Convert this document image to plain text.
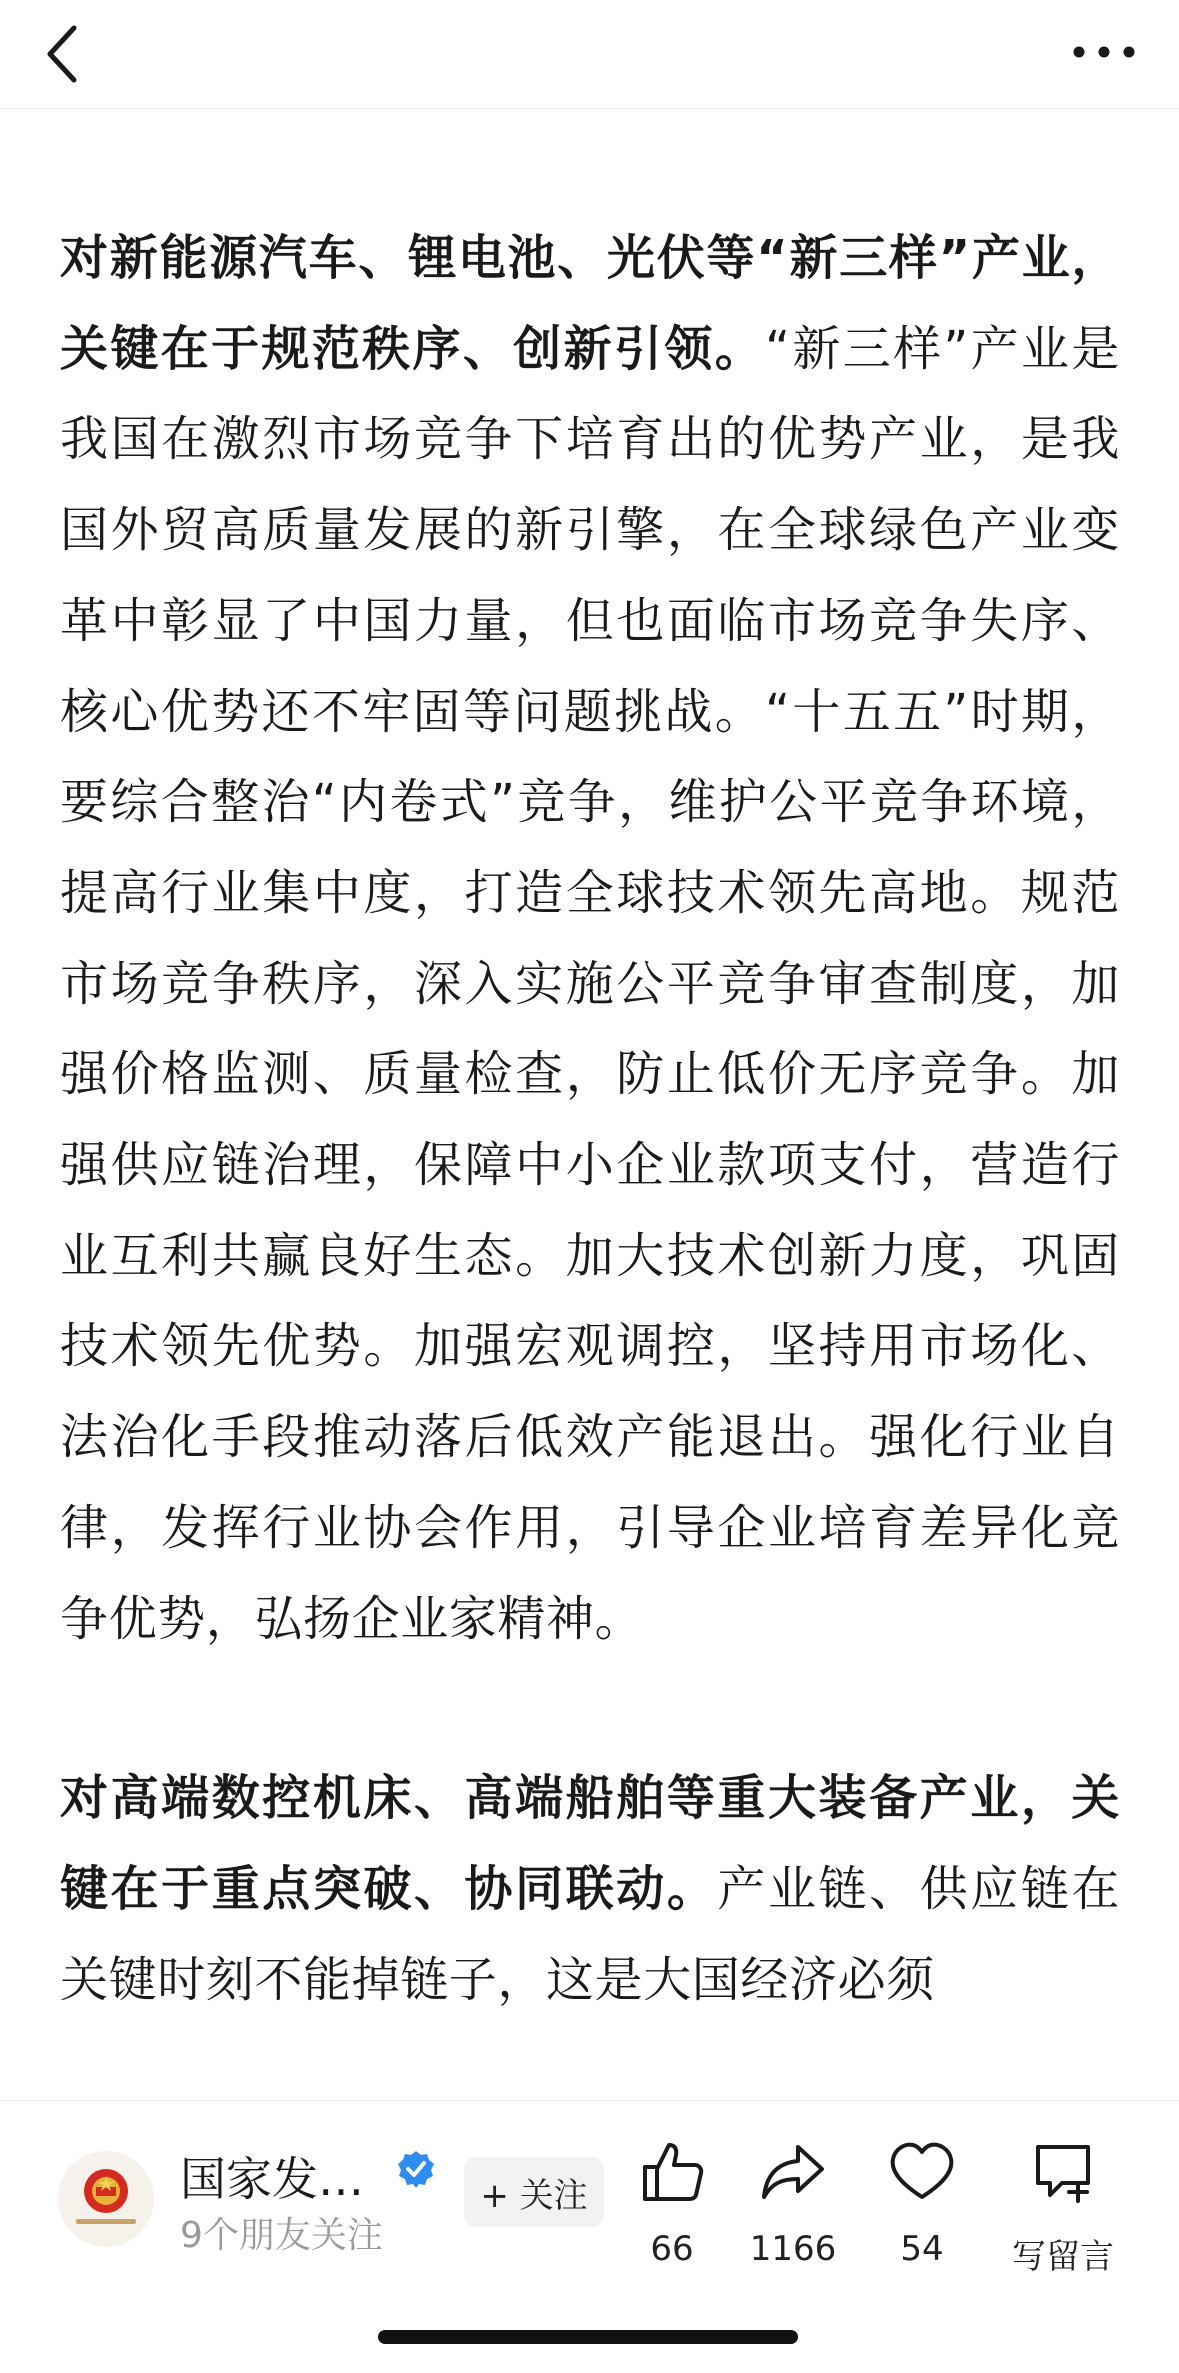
对新能源汽车、锂电池、光伏等“新三样”产业，关键在于规范秩序、创新引领。“新三样”产业是我国在激烈市场竞争下培育出的优势产业，是我国外贸高质量发展的新引擎，在全球绿色产业变革中彰显了中国力量，但也面临市场竞争失序、核心优势还不牢固等问题挑战。“十五五”时期，要综合整治“内卷式”竞争，维护公平竞争环境，提高行业集中度，打造全球技术领先高地。规范市场竞争秩序，深入实施公平竞争审查制度，加强价格监测、质量检查，防止低价无序竞争。加强供应链治理，保障中小企业款项支付，营造行业互利共赢良好生态。加大技术创新力度，巩固技术领先优势。加强宏观调控，坚持用市场化、法治化手段推动落后低效产能退出。强化行业自律，发挥行业协会作用，引导企业培育差异化竞争优势，弘扬企业家精神。

对高端数控机床、高端船舶等重大装备产业，关键在于重点突破、协同联动。产业链、供应链在关键时刻不能掉链子，这是大国经济必须

国家发…
9个朋友关注
+ 关注
66	1166	54	写留言
